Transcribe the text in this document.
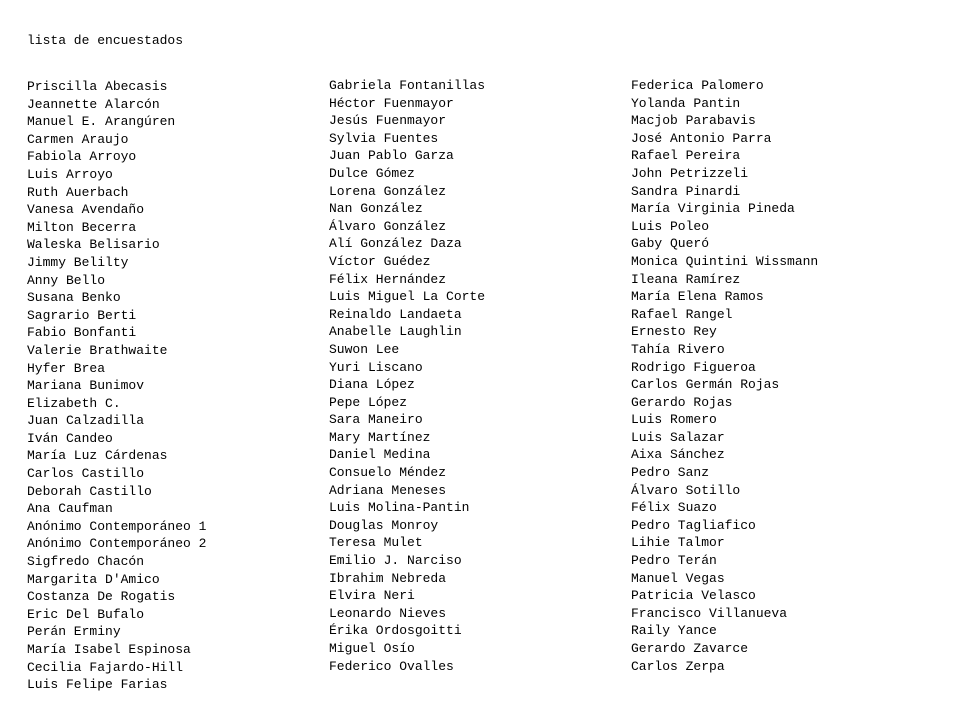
lista de encuestados
Priscilla Abecasis
Jeannette Alarcón
Manuel E. Arangúren
Carmen Araujo
Fabiola Arroyo
Luis Arroyo
Ruth Auerbach
Vanesa Avendaño
Milton Becerra
Waleska Belisario
Jimmy Belilty
Anny Bello
Susana Benko
Sagrario Berti
Fabio Bonfanti
Valerie Brathwaite
Hyfer Brea
Mariana Bunimov
Elizabeth C.
Juan Calzadilla
Iván Candeo
María Luz Cárdenas
Carlos Castillo
Deborah Castillo
Ana Caufman
Anónimo Contemporáneo 1
Anónimo Contemporáneo 2
Sigfredo Chacón
Margarita D'Amico
Costanza De Rogatis
Eric Del Bufalo
Perán Erminy
María Isabel Espinosa
Cecilia Fajardo-Hill
Luis Felipe Farias
Gabriela Fontanillas
Héctor Fuenmayor
Jesús Fuenmayor
Sylvia Fuentes
Juan Pablo Garza
Dulce Gómez
Lorena González
Nan González
Álvaro González
Alí González Daza
Víctor Guédez
Félix Hernández
Luis Miguel La Corte
Reinaldo Landaeta
Anabelle Laughlin
Suwon Lee
Yuri Liscano
Diana López
Pepe López
Sara Maneiro
Mary Martínez
Daniel Medina
Consuelo Méndez
Adriana Meneses
Luis Molina-Pantin
Douglas Monroy
Teresa Mulet
Emilio J. Narciso
Ibrahim Nebreda
Elvira Neri
Leonardo Nieves
Érika Ordosgoitti
Miguel Osío
Federico Ovalles
Federica Palomero
Yolanda Pantin
Macjob Parabavis
José Antonio Parra
Rafael Pereira
John Petrizzeli
Sandra Pinardi
María Virginia Pineda
Luis Poleo
Gaby Queró
Monica Quintini Wissmann
Ileana Ramírez
María Elena Ramos
Rafael Rangel
Ernesto Rey
Tahía Rivero
Rodrigo Figueroa
Carlos Germán Rojas
Gerardo Rojas
Luis Romero
Luis Salazar
Aixa Sánchez
Pedro Sanz
Álvaro Sotillo
Félix Suazo
Pedro Tagliafico
Lihie Talmor
Pedro Terán
Manuel Vegas
Patricia Velasco
Francisco Villanueva
Raily Yance
Gerardo Zavarce
Carlos Zerpa
